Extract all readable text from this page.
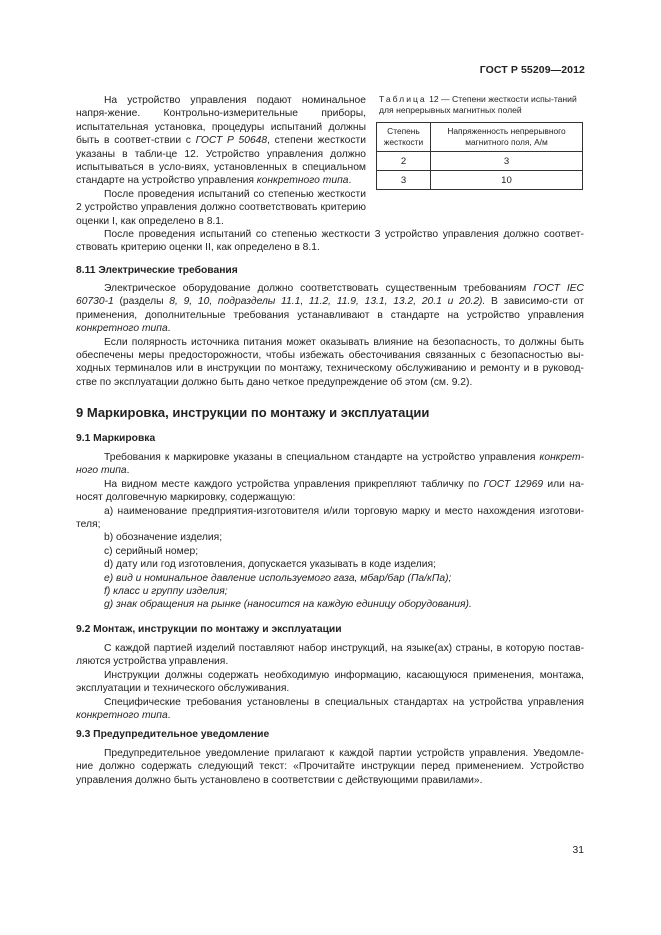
ГОСТ Р 55209—2012

На устройство управления подают номинальное напря-жение. Контрольно-измерительные приборы, испытательная установка, процедуры испытаний должны быть в соответ-ствии с ГОСТ Р 50648, степени жесткости указаны в табли-це 12. Устройство управления должно испытываться в усло-виях, установленных в специальном стандарте на устройство управления конкретного типа.

После проведения испытаний со степенью жесткости 2 устройство управления должно соответствовать критерию оценки I, как определено в 8.1.

Таблица 12 — Степени жесткости испы-таний для непрерывных магнитных полей
Степень жесткости	Напряженность непрерывного магнитного поля, А/м
2	3
3	10

После проведения испытаний со степенью жесткости 3 устройство управления должно соответ-ствовать критерию оценки II, как определено в 8.1.

8.11 Электрические требования

Электрическое оборудование должно соответствовать существенным требованиям ГОСТ IEC 60730-1 (разделы 8, 9, 10, подразделы 11.1, 11.2, 11.9, 13.1, 13.2, 20.1 и 20.2). В зависимо-сти от применения, дополнительные требования устанавливают в стандарте на устройство управления конкретного типа.

Если полярность источника питания может оказывать влияние на безопасность, то должны быть обеспечены меры предосторожности, чтобы избежать обесточивания связанных с безопасностью вы-ходных терминалов или в инструкции по монтажу, техническому обслуживанию и ремонту и в руковод-стве по эксплуатации должно быть дано четкое предупреждение об этом (см. 9.2).

9 Маркировка, инструкции по монтажу и эксплуатации
9.1 Маркировка

Требования к маркировке указаны в специальном стандарте на устройство управления конкрет-ного типа.

На видном месте каждого устройства управления прикрепляют табличку по ГОСТ 12969 или на-носят долговечную маркировку, содержащую:

a) наименование предприятия-изготовителя и/или торговую марку и место нахождения изготови-теля;

b) обозначение изделия;

c) серийный номер;

d) дату или год изготовления, допускается указывать в коде изделия;

e) вид и номинальное давление используемого газа, мбар/бар (Па/кПа);

f) класс и группу изделия;

g) знак обращения на рынке (наносится на каждую единицу оборудования).

9.2 Монтаж, инструкции по монтажу и эксплуатации

С каждой партией изделий поставляют набор инструкций, на языке(ах) страны, в которую постав-ляются устройства управления.

Инструкции должны содержать необходимую информацию, касающуюся применения, монтажа, эксплуатации и технического обслуживания.

Специфические требования установлены в специальных стандартах на устройства управления конкретного типа.

9.3 Предупредительное уведомление

Предупредительное уведомление прилагают к каждой партии устройств управления. Уведомле-ние должно содержать следующий текст: «Прочитайте инструкции перед применением. Устройство управления должно быть установлено в соответствии с действующими правилами».

31
